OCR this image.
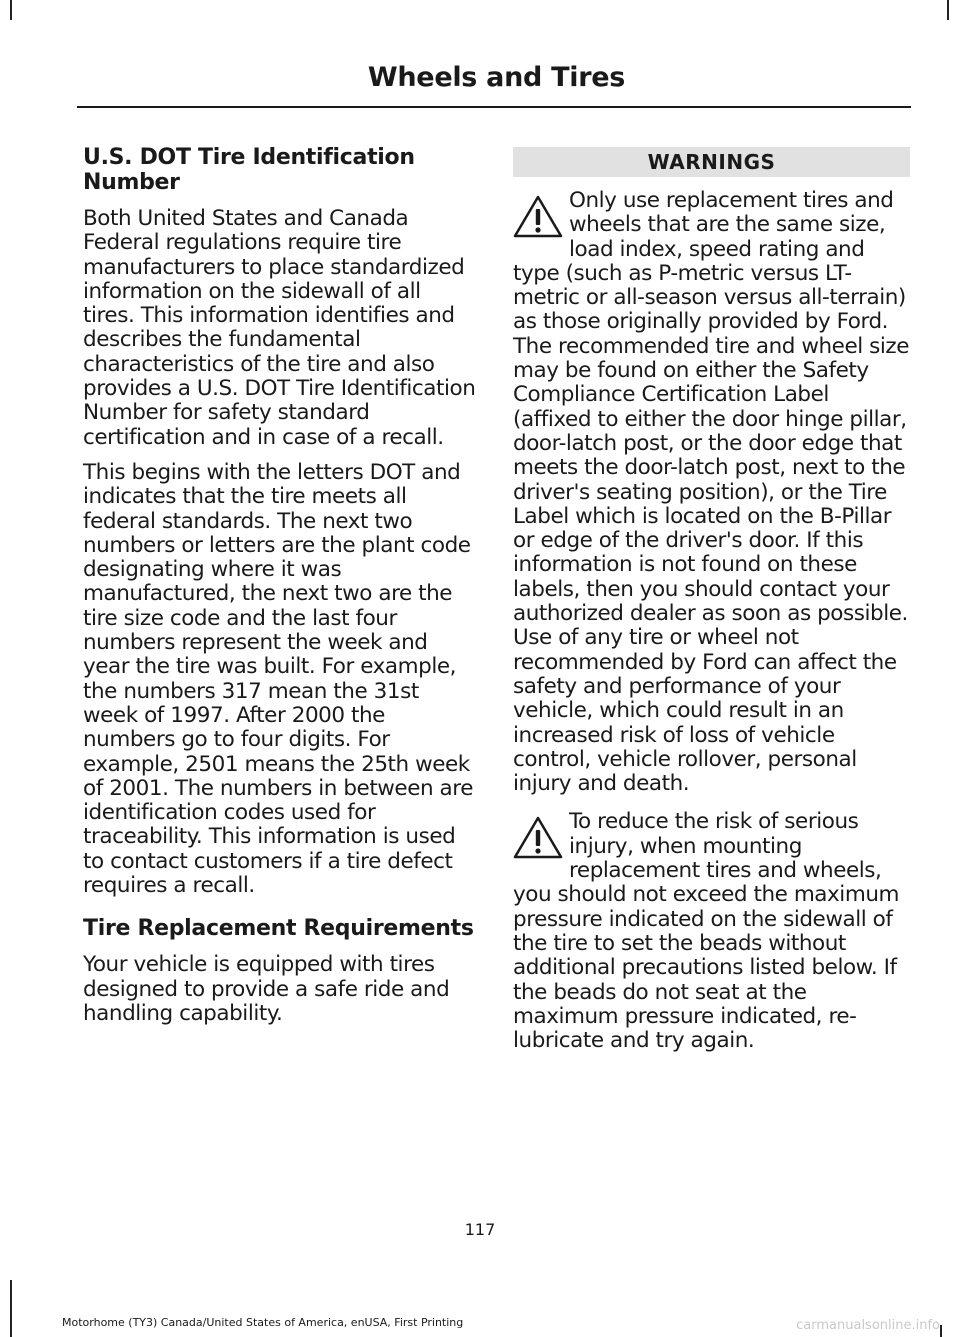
Wheels and Tires
U.S. DOT Tire Identification Number

Both United States and Canada Federal regulations require tire manufacturers to place standardized information on the sidewall of all tires. This information identifies and describes the fundamental characteristics of the tire and also provides a U.S. DOT Tire Identification Number for safety standard certification and in case of a recall.

This begins with the letters DOT and indicates that the tire meets all federal standards. The next two numbers or letters are the plant code designating where it was manufactured, the next two are the tire size code and the last four numbers represent the week and year the tire was built. For example, the numbers 317 mean the 31st week of 1997. After 2000 the numbers go to four digits. For example, 2501 means the 25th week of 2001. The numbers in between are identification codes used for traceability. This information is used to contact customers if a tire defect requires a recall.

Tire Replacement Requirements

Your vehicle is equipped with tires designed to provide a safe ride and handling capability.

WARNINGS

Only use replacement tires and wheels that are the same size, load index, speed rating and type (such as P-metric versus LT-metric or all-season versus all-terrain) as those originally provided by Ford. The recommended tire and wheel size may be found on either the Safety Compliance Certification Label (affixed to either the door hinge pillar, door-latch post, or the door edge that meets the door-latch post, next to the driver's seating position), or the Tire Label which is located on the B-Pillar or edge of the driver's door. If this information is not found on these labels, then you should contact your authorized dealer as soon as possible. Use of any tire or wheel not recommended by Ford can affect the safety and performance of your vehicle, which could result in an increased risk of loss of vehicle control, vehicle rollover, personal injury and death.

To reduce the risk of serious injury, when mounting replacement tires and wheels, you should not exceed the maximum pressure indicated on the sidewall of the tire to set the beads without additional precautions listed below. If the beads do not seat at the maximum pressure indicated, re-lubricate and try again.

117
Motorhome (TY3) Canada/United States of America, enUSA, First Printing	carmanualsonline.info
